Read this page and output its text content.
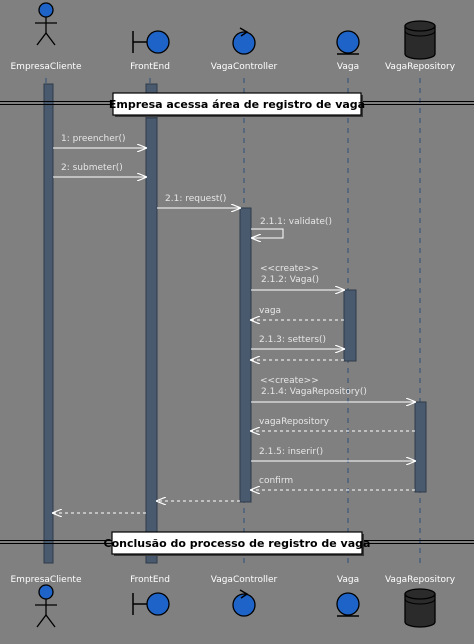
Empresa acessa área de registro de vaga
Conclusão do processo de registro de vaga
1: preencher()
2: submeter()
2.1: request()
2.1.1: validate()
<<create>>
2.1.2: Vaga()
vaga
2.1.3: setters()
<<create>>
2.1.4: VagaRepository()
vagaRepository
2.1.5: inserir()
confirm
EmpresaCliente
EmpresaCliente
FrontEnd
FrontEnd
VagaController
VagaController
Vaga
Vaga
VagaRepository
VagaRepository
